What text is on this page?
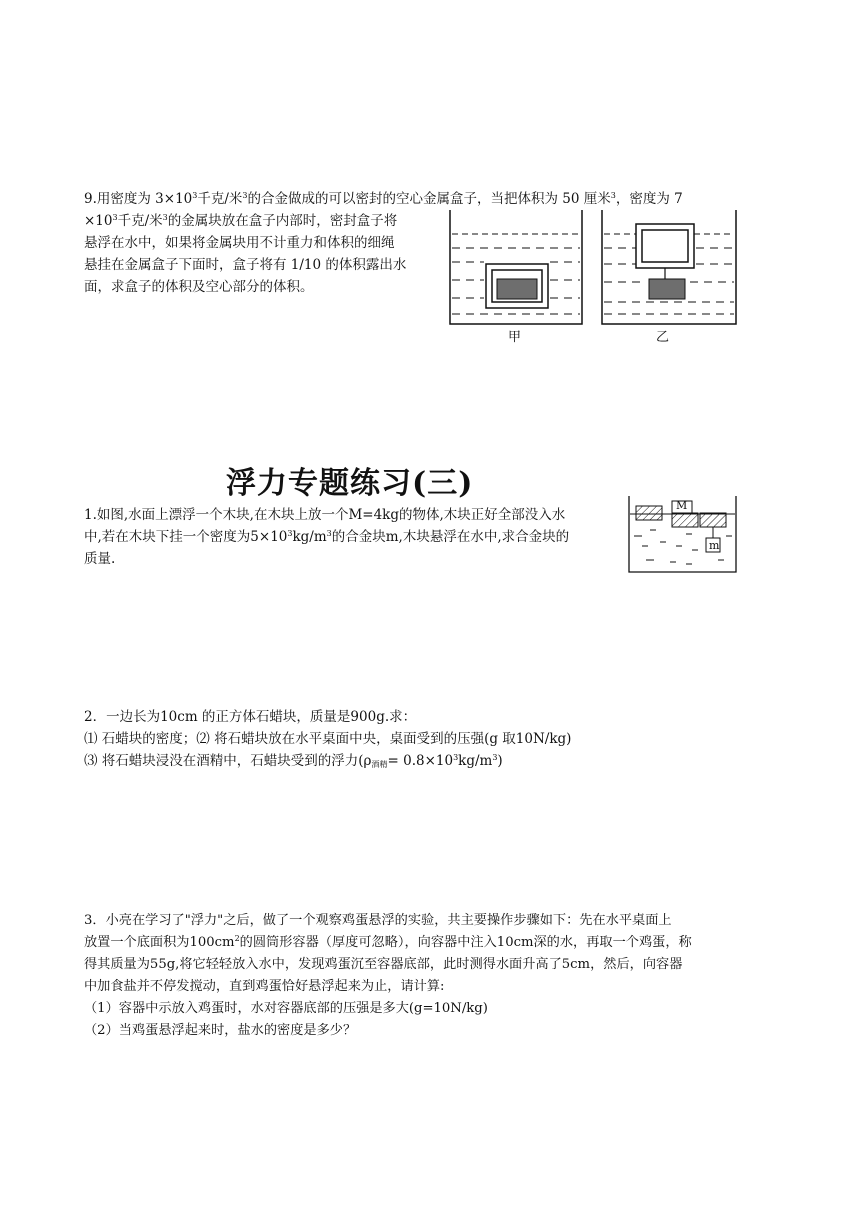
9.用密度为 $3\times 10^3$千克/米$^3$的合金做成的可以密封的空心金属盒子，当把体积为 50 厘米$^3$，密度为 7
$\times 10^3$千克/米$^3$的金属块放在盒子内部时，密封盒子将
悬浮在水中，如果将金属块用不计重力和体积的细绳
悬挂在金属盒子下面时，盒子将有 1/10 的体积露出水
面，求盒子的体积及空心部分的体积。
甲	乙
浮力专题练习(三)
1.如图,水面上漂浮一个木块,在木块上放一个M=4kg的物体,木块正好全部没入水
中,若在木块下挂一个密度为$5\times 10^3kg/m^3$的合金块m,木块悬浮在水中,求合金块的
质量.
M
m
2．一边长为10cm 的正方体石蜡块，质量是900g.求：
⑴ 石蜡块的密度；⑵ 将石蜡块放在水平桌面中央，桌面受到的压强(g 取10N/kg)
⑶ 将石蜡块浸没在酒精中，石蜡块受到的浮力$(\rho_{酒精}= 0.8\times 10^3kg/m^3)$
3．小亮在学习了"浮力"之后，做了一个观察鸡蛋悬浮的实验，共主要操作步骤如下：先在水平桌面上
放置一个底面积为$100cm^2$的圆筒形容器（厚度可忽略），向容器中注入10cm深的水，再取一个鸡蛋，称
得其质量为55g,将它轻轻放入水中，发现鸡蛋沉至容器底部，此时测得水面升高了5cm，然后，向容器
中加食盐并不停发搅动，直到鸡蛋恰好悬浮起来为止，请计算:
（1）容器中示放入鸡蛋时，水对容器底部的压强是多大(g=10N/kg)
（2）当鸡蛋悬浮起来时，盐水的密度是多少？
